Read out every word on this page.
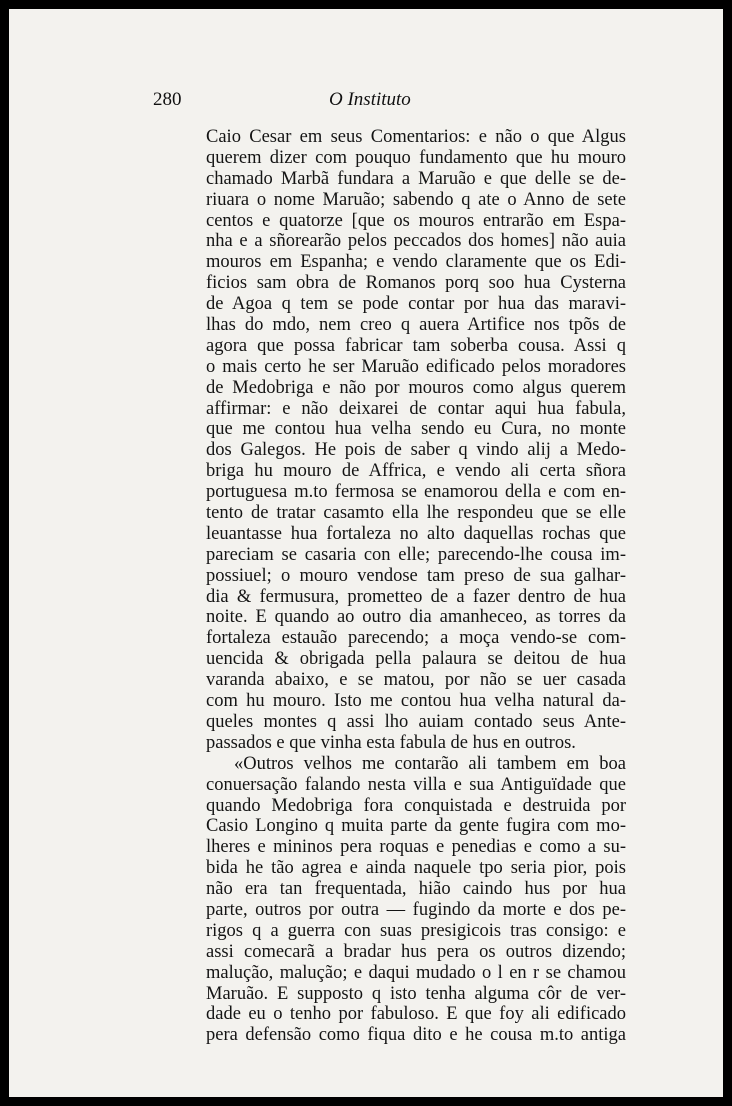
280	O Instituto
Caio Cesar em seus Comentarios: e não o que Algus
querem dizer com pouquo fundamento que hu mouro
chamado Marbã fundara a Maruão e que delle se de-
riuara o nome Maruão; sabendo q ate o Anno de sete
centos e quatorze [que os mouros entrarão em Espa-
nha e a sñorearão pelos peccados dos homes] não auia
mouros em Espanha; e vendo claramente que os Edi-
ficios sam obra de Romanos porq soo hua Cysterna
de Agoa q tem se pode contar por hua das maravi-
lhas do mdo, nem creo q auera Artifice nos tpõs de
agora que possa fabricar tam soberba cousa. Assi q
o mais certo he ser Maruão edificado pelos moradores
de Medobriga e não por mouros como algus querem
affirmar: e não deixarei de contar aqui hua fabula,
que me contou hua velha sendo eu Cura, no monte
dos Galegos. He pois de saber q vindo alij a Medo-
briga hu mouro de Affrica, e vendo ali certa sñora
portuguesa m.to fermosa se enamorou della e com en-
tento de tratar casamto ella lhe respondeu que se elle
leuantasse hua fortaleza no alto daquellas rochas que
pareciam se casaria con elle; parecendo-lhe cousa im-
possiuel; o mouro vendose tam preso de sua galhar-
dia & fermusura, prometteo de a fazer dentro de hua
noite. E quando ao outro dia amanheceo, as torres da
fortaleza estauão parecendo; a moça vendo-se com-
uencida & obrigada pella palaura se deitou de hua
varanda abaixo, e se matou, por não se uer casada
com hu mouro. Isto me contou hua velha natural da-
queles montes q assi lho auiam contado seus Ante-
passados e que vinha esta fabula de hus en outros.
«Outros velhos me contarão ali tambem em boa
conuersação falando nesta villa e sua Antiguïdade que
quando Medobriga fora conquistada e destruida por
Casio Longino q muita parte da gente fugira com mo-
lheres e mininos pera roquas e penedias e como a su-
bida he tão agrea e ainda naquele tpo seria pior, pois
não era tan frequentada, hião caindo hus por hua
parte, outros por outra — fugindo da morte e dos pe-
rigos q a guerra con suas presigicois tras consigo: e
assi comecarã a bradar hus pera os outros dizendo;
malução, malução; e daqui mudado o l en r se chamou
Maruão. E supposto q isto tenha alguma côr de ver-
dade eu o tenho por fabuloso. E que foy ali edificado
pera defensão como fiqua dito e he cousa m.to antiga
